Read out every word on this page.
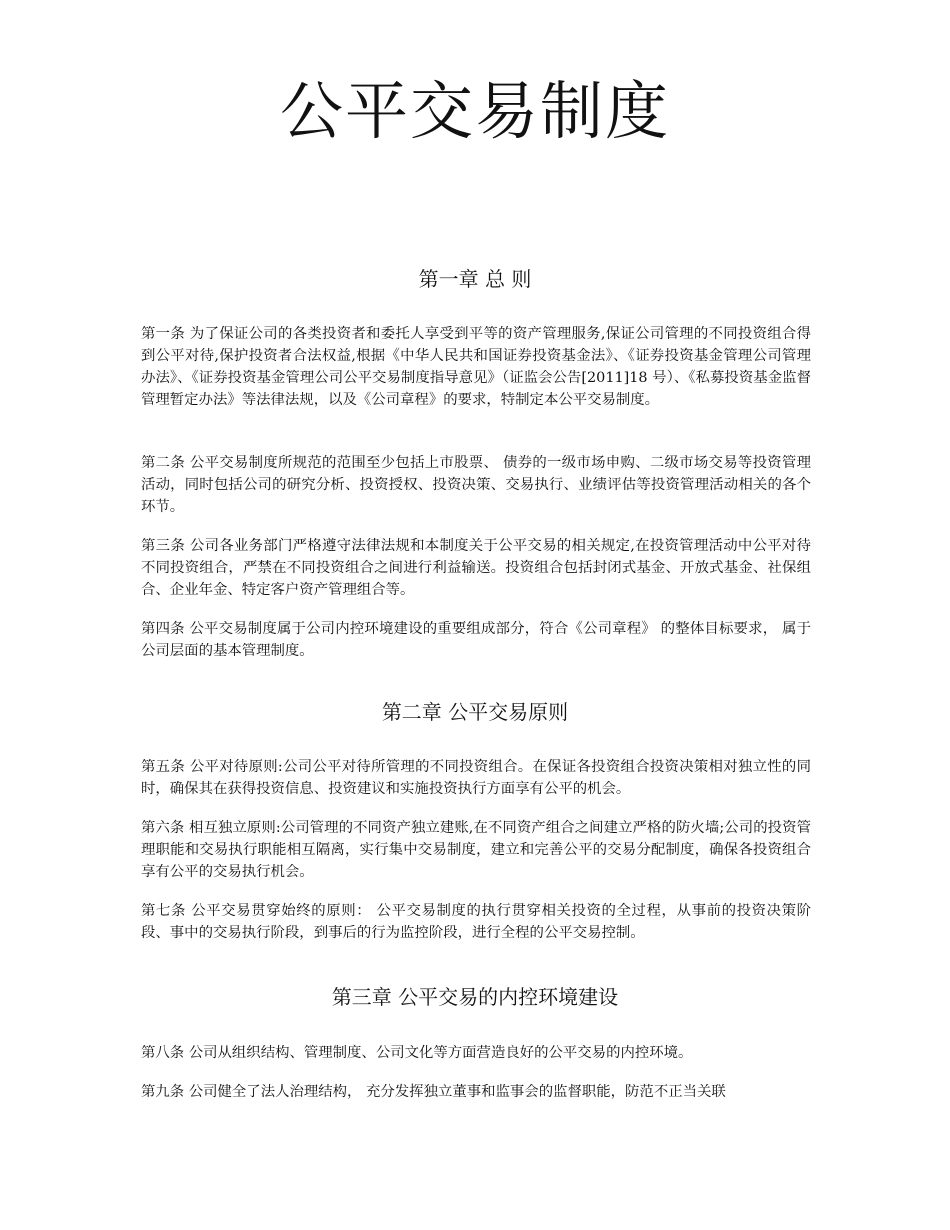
公平交易制度
第一章 总 则

第一条 为了保证公司的各类投资者和委托人享受到平等的资产管理服务,保证公司管理的不同投资组合得到公平对待,保护投资者合法权益,根据《中华人民共和国证券投资基金法》、《证券投资基金管理公司管理办法》、《证券投资基金管理公司公平交易制度指导意见》（证监会公告[2011]18 号）、《私募投资基金监督管理暂定办法》等法律法规，以及《公司章程》的要求，特制定本公平交易制度。

第二条 公平交易制度所规范的范围至少包括上市股票、 债券的一级市场申购、二级市场交易等投资管理活动，同时包括公司的研究分析、投资授权、投资决策、交易执行、业绩评估等投资管理活动相关的各个环节。

第三条 公司各业务部门严格遵守法律法规和本制度关于公平交易的相关规定,在投资管理活动中公平对待不同投资组合，严禁在不同投资组合之间进行利益输送。投资组合包括封闭式基金、开放式基金、社保组合、企业年金、特定客户资产管理组合等。

第四条 公平交易制度属于公司内控环境建设的重要组成部分，符合《公司章程》 的整体目标要求， 属于公司层面的基本管理制度。

第二章 公平交易原则

第五条 公平对待原则:公司公平对待所管理的不同投资组合。在保证各投资组合投资决策相对独立性的同时，确保其在获得投资信息、投资建议和实施投资执行方面享有公平的机会。

第六条 相互独立原则:公司管理的不同资产独立建账,在不同资产组合之间建立严格的防火墙;公司的投资管理职能和交易执行职能相互隔离，实行集中交易制度，建立和完善公平的交易分配制度，确保各投资组合享有公平的交易执行机会。

第七条 公平交易贯穿始终的原则： 公平交易制度的执行贯穿相关投资的全过程，从事前的投资决策阶段、事中的交易执行阶段，到事后的行为监控阶段，进行全程的公平交易控制。

第三章 公平交易的内控环境建设

第八条 公司从组织结构、管理制度、公司文化等方面营造良好的公平交易的内控环境。

第九条 公司健全了法人治理结构， 充分发挥独立董事和监事会的监督职能，防范不正当关联
